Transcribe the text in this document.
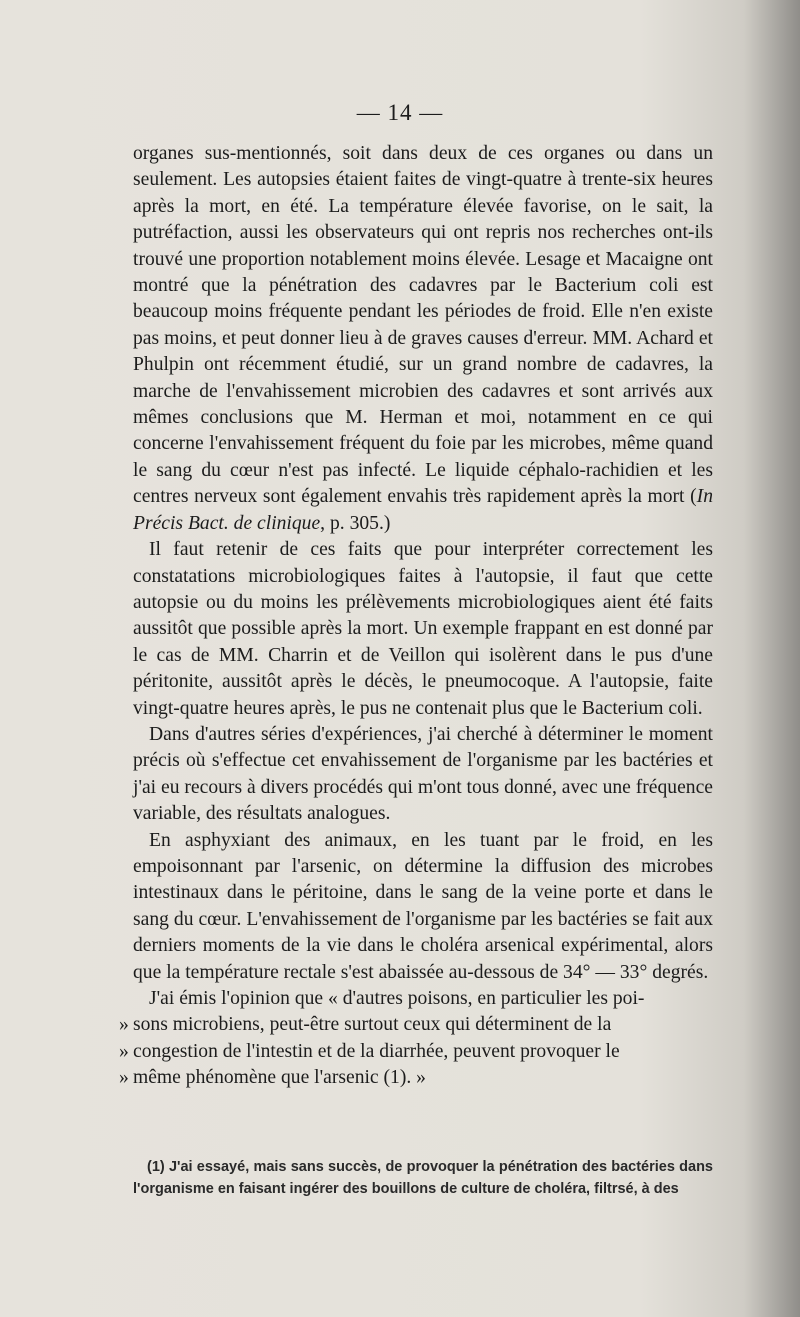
— 14 —

organes sus-mentionnés, soit dans deux de ces organes ou dans un seulement. Les autopsies étaient faites de vingt-quatre à trente-six heures après la mort, en été. La température élevée favorise, on le sait, la putréfaction, aussi les observateurs qui ont repris nos recherches ont-ils trouvé une proportion notablement moins élevée. Lesage et Macaigne ont montré que la pénétration des cadavres par le Bacterium coli est beaucoup moins fréquente pendant les périodes de froid. Elle n'en existe pas moins, et peut donner lieu à de graves causes d'erreur. MM. Achard et Phulpin ont récemment étudié, sur un grand nombre de cadavres, la marche de l'envahissement microbien des cadavres et sont arrivés aux mêmes conclusions que M. Herman et moi, notamment en ce qui concerne l'envahissement fréquent du foie par les microbes, même quand le sang du cœur n'est pas infecté. Le liquide céphalo-rachidien et les centres nerveux sont également envahis très rapidement après la mort (In Précis Bact. de clinique, p. 305.)

Il faut retenir de ces faits que pour interpréter correctement les constatations microbiologiques faites à l'autopsie, il faut que cette autopsie ou du moins les prélèvements microbiologiques aient été faits aussitôt que possible après la mort. Un exemple frappant en est donné par le cas de MM. Charrin et de Veillon qui isolèrent dans le pus d'une péritonite, aussitôt après le décès, le pneumocoque. A l'autopsie, faite vingt-quatre heures après, le pus ne contenait plus que le Bacterium coli.

Dans d'autres séries d'expériences, j'ai cherché à déterminer le moment précis où s'effectue cet envahissement de l'organisme par les bactéries et j'ai eu recours à divers procédés qui m'ont tous donné, avec une fréquence variable, des résultats analogues.

En asphyxiant des animaux, en les tuant par le froid, en les empoisonnant par l'arsenic, on détermine la diffusion des microbes intestinaux dans le péritoine, dans le sang de la veine porte et dans le sang du cœur. L'envahissement de l'organisme par les bactéries se fait aux derniers moments de la vie dans le choléra arsenical expérimental, alors que la température rectale s'est abaissée au-dessous de 34° — 33° degrés.

J'ai émis l'opinion que « d'autres poisons, en particulier les poi-
» sons microbiens, peut-être surtout ceux qui déterminent de la
» congestion de l'intestin et de la diarrhée, peuvent provoquer le
» même phénomène que l'arsenic (1). »
(1) J'ai essayé, mais sans succès, de provoquer la pénétration des bactéries dans l'organisme en faisant ingérer des bouillons de culture de choléra, filtrsé, à des
